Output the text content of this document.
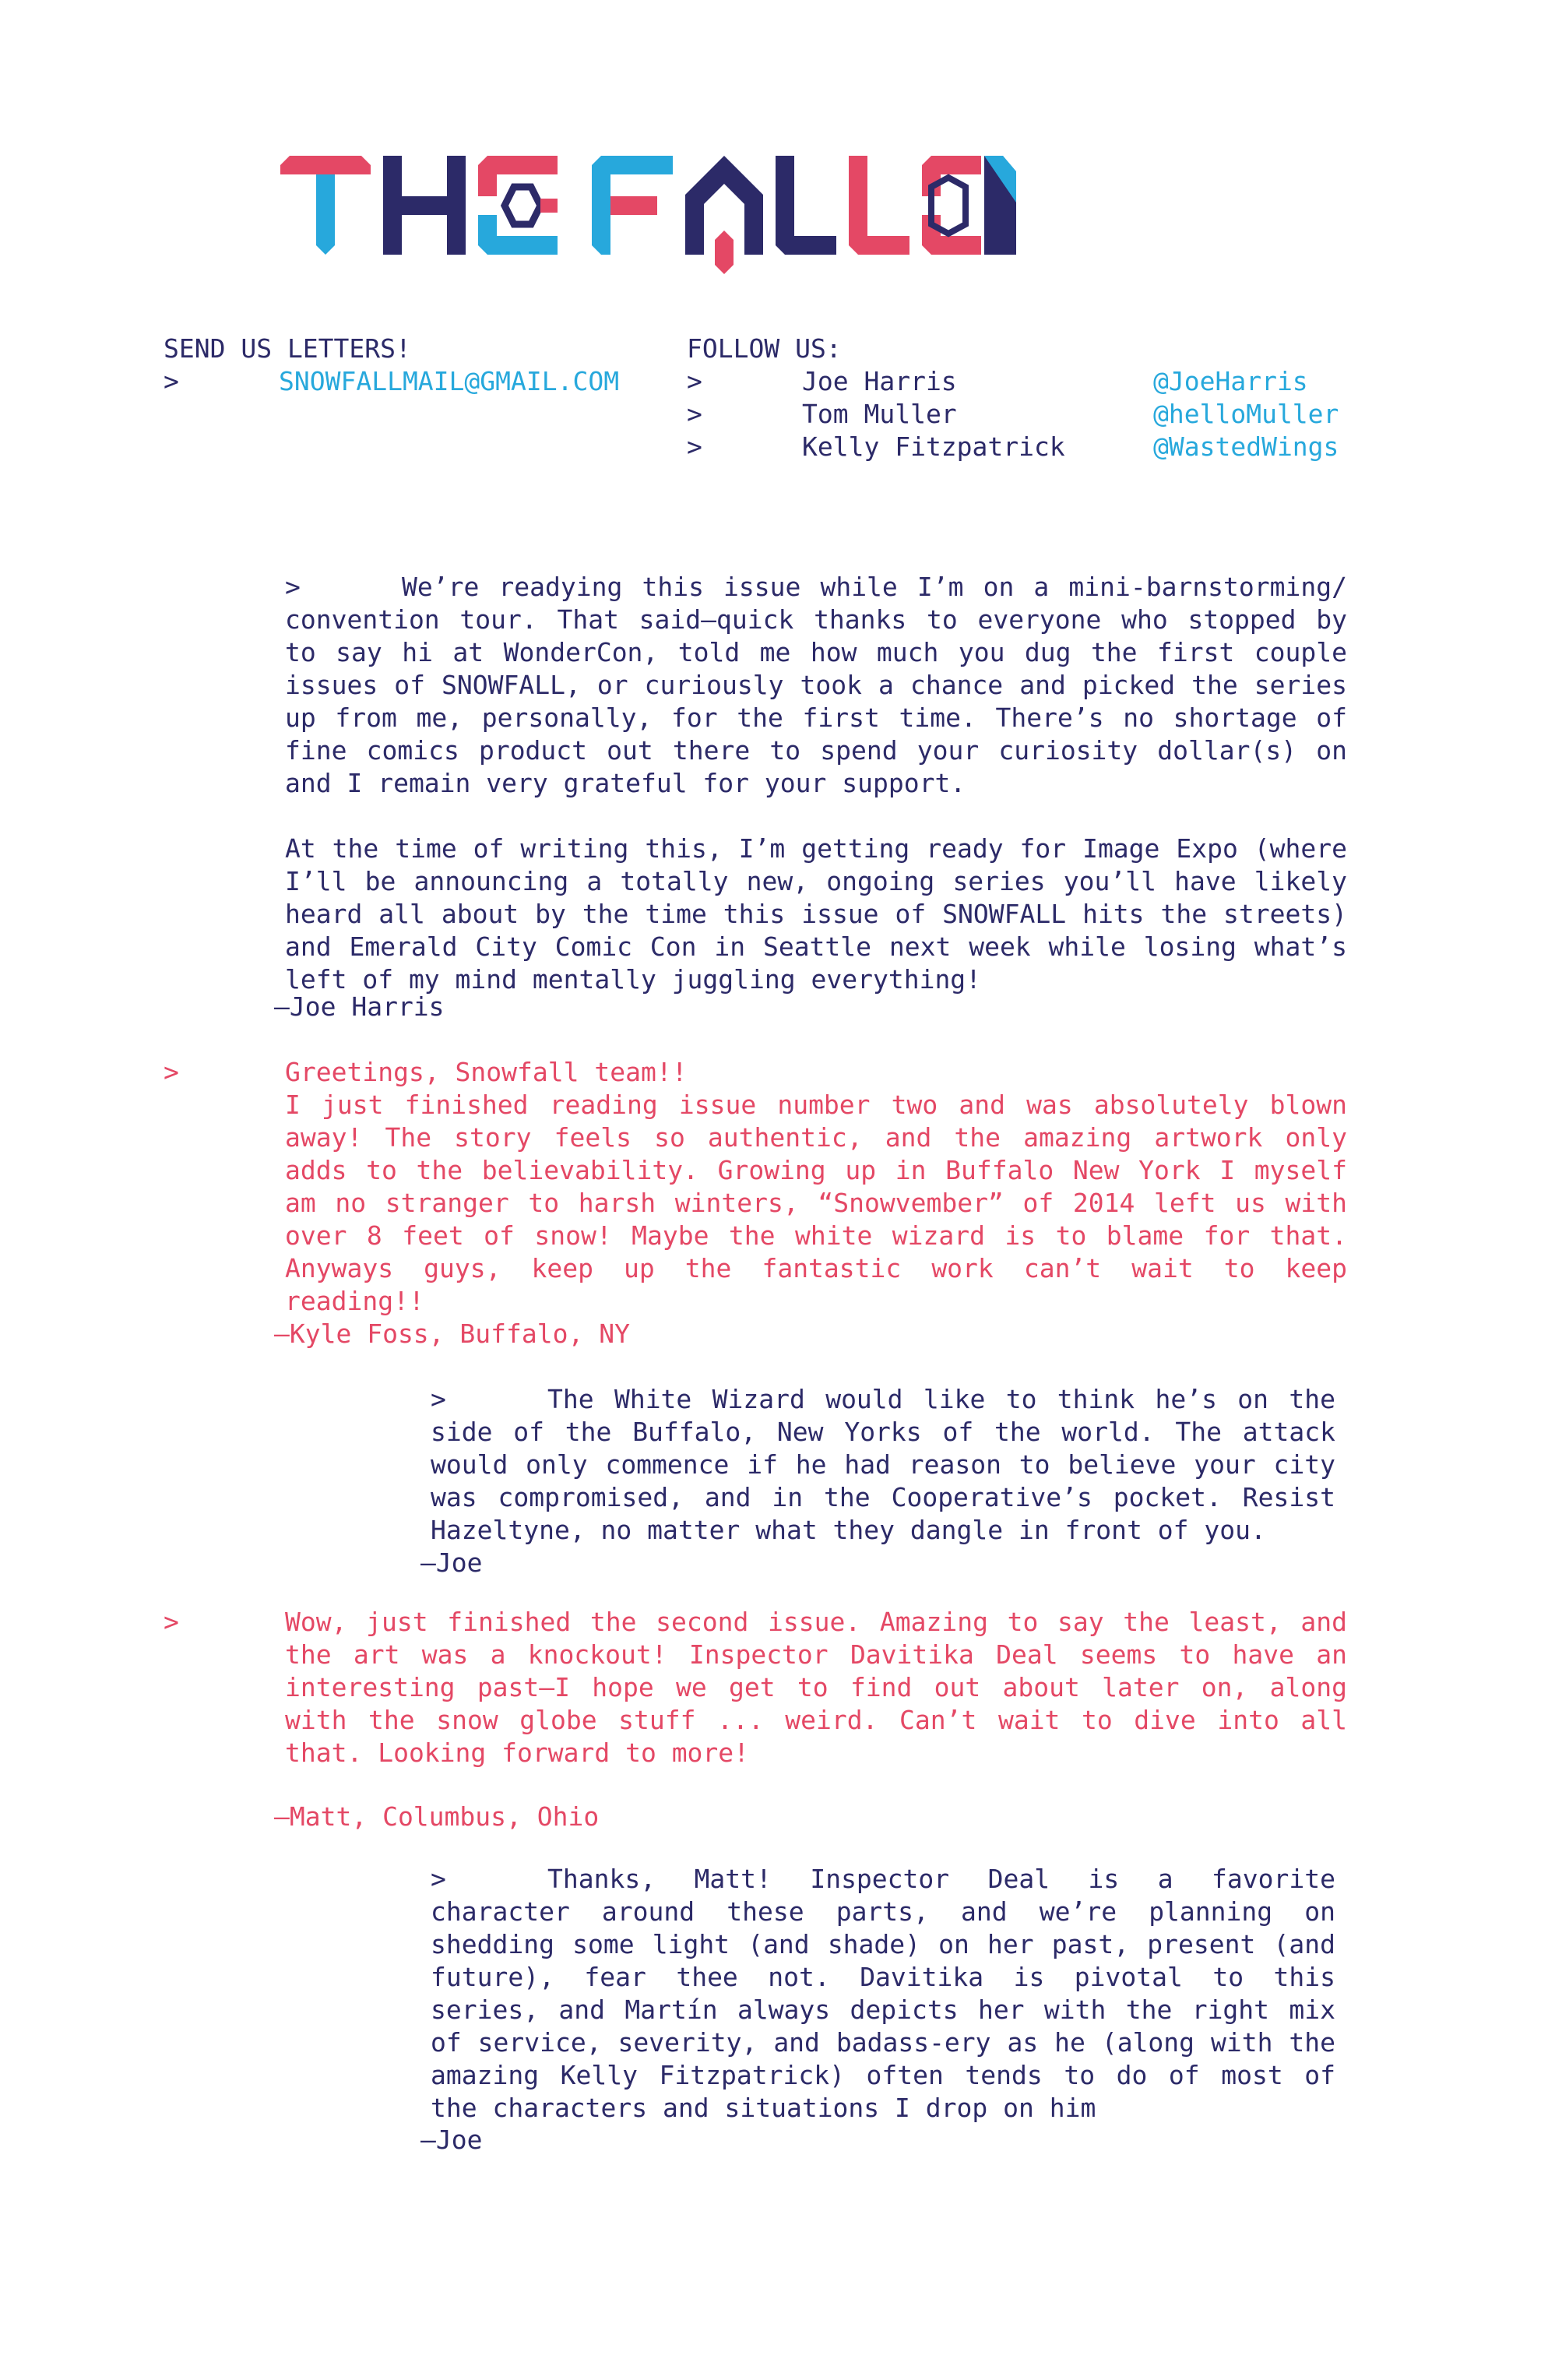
SEND US LETTERS!
>	SNOWFALLMAIL@GMAIL.COM
FOLLOW US:
>	Joe Harris	@JoeHarris
>	Tom Muller	@helloMuller
>	Kelly Fitzpatrick	@WastedWings

>	We’re readying this issue while I’m on a mini-barnstorming/ convention tour. That said—quick thanks to everyone who stopped by to say hi at WonderCon, told me how much you dug the first couple issues of SNOWFALL, or curiously took a chance and picked the series up from me, personally, for the first time. There’s no shortage of fine comics product out there to spend your curiosity dollar(s) on and I remain very grateful for your support.

At the time of writing this, I’m getting ready for Image Expo (where I’ll be announcing a totally new, ongoing series you’ll have likely heard all about by the time this issue of SNOWFALL hits the streets) and Emerald City Comic Con in Seattle next week while losing what’s left of my mind mentally juggling everything!

—Joe Harris
>	Greetings, Snowfall team!!

I just finished reading issue number two and was absolutely blown away! The story feels so authentic, and the amazing artwork only adds to the believability. Growing up in Buffalo New York I myself am no stranger to harsh winters, “Snowvember” of 2014 left us with over 8 feet of snow! Maybe the white wizard is to blame for that. Anyways guys, keep up the fantastic work can’t wait to keep reading!!

—Kyle Foss, Buffalo, NY

>	The White Wizard would like to think he’s on the side of the Buffalo, New Yorks of the world. The attack would only commence if he had reason to believe your city was compromised, and in the Cooperative’s pocket. Resist Hazeltyne, no matter what they dangle in front of you.

—Joe
>	Wow, just finished the second issue. Amazing to say the least, and the art was a knockout! Inspector Davitika Deal seems to have an interesting past—I hope we get to find out about later on, along with the snow globe stuff ... weird. Can’t wait to dive into all that. Looking forward to more!

—Matt, Columbus, Ohio

>	Thanks, Matt! Inspector Deal is a favorite character around these parts, and we’re planning on shedding some light (and shade) on her past, present (and future), fear thee not. Davitika is pivotal to this series, and Martín always depicts her with the right mix of service, severity, and badass-ery as he (along with the amazing Kelly Fitzpatrick) often tends to do of most of the characters and situations I drop on him

—Joe
